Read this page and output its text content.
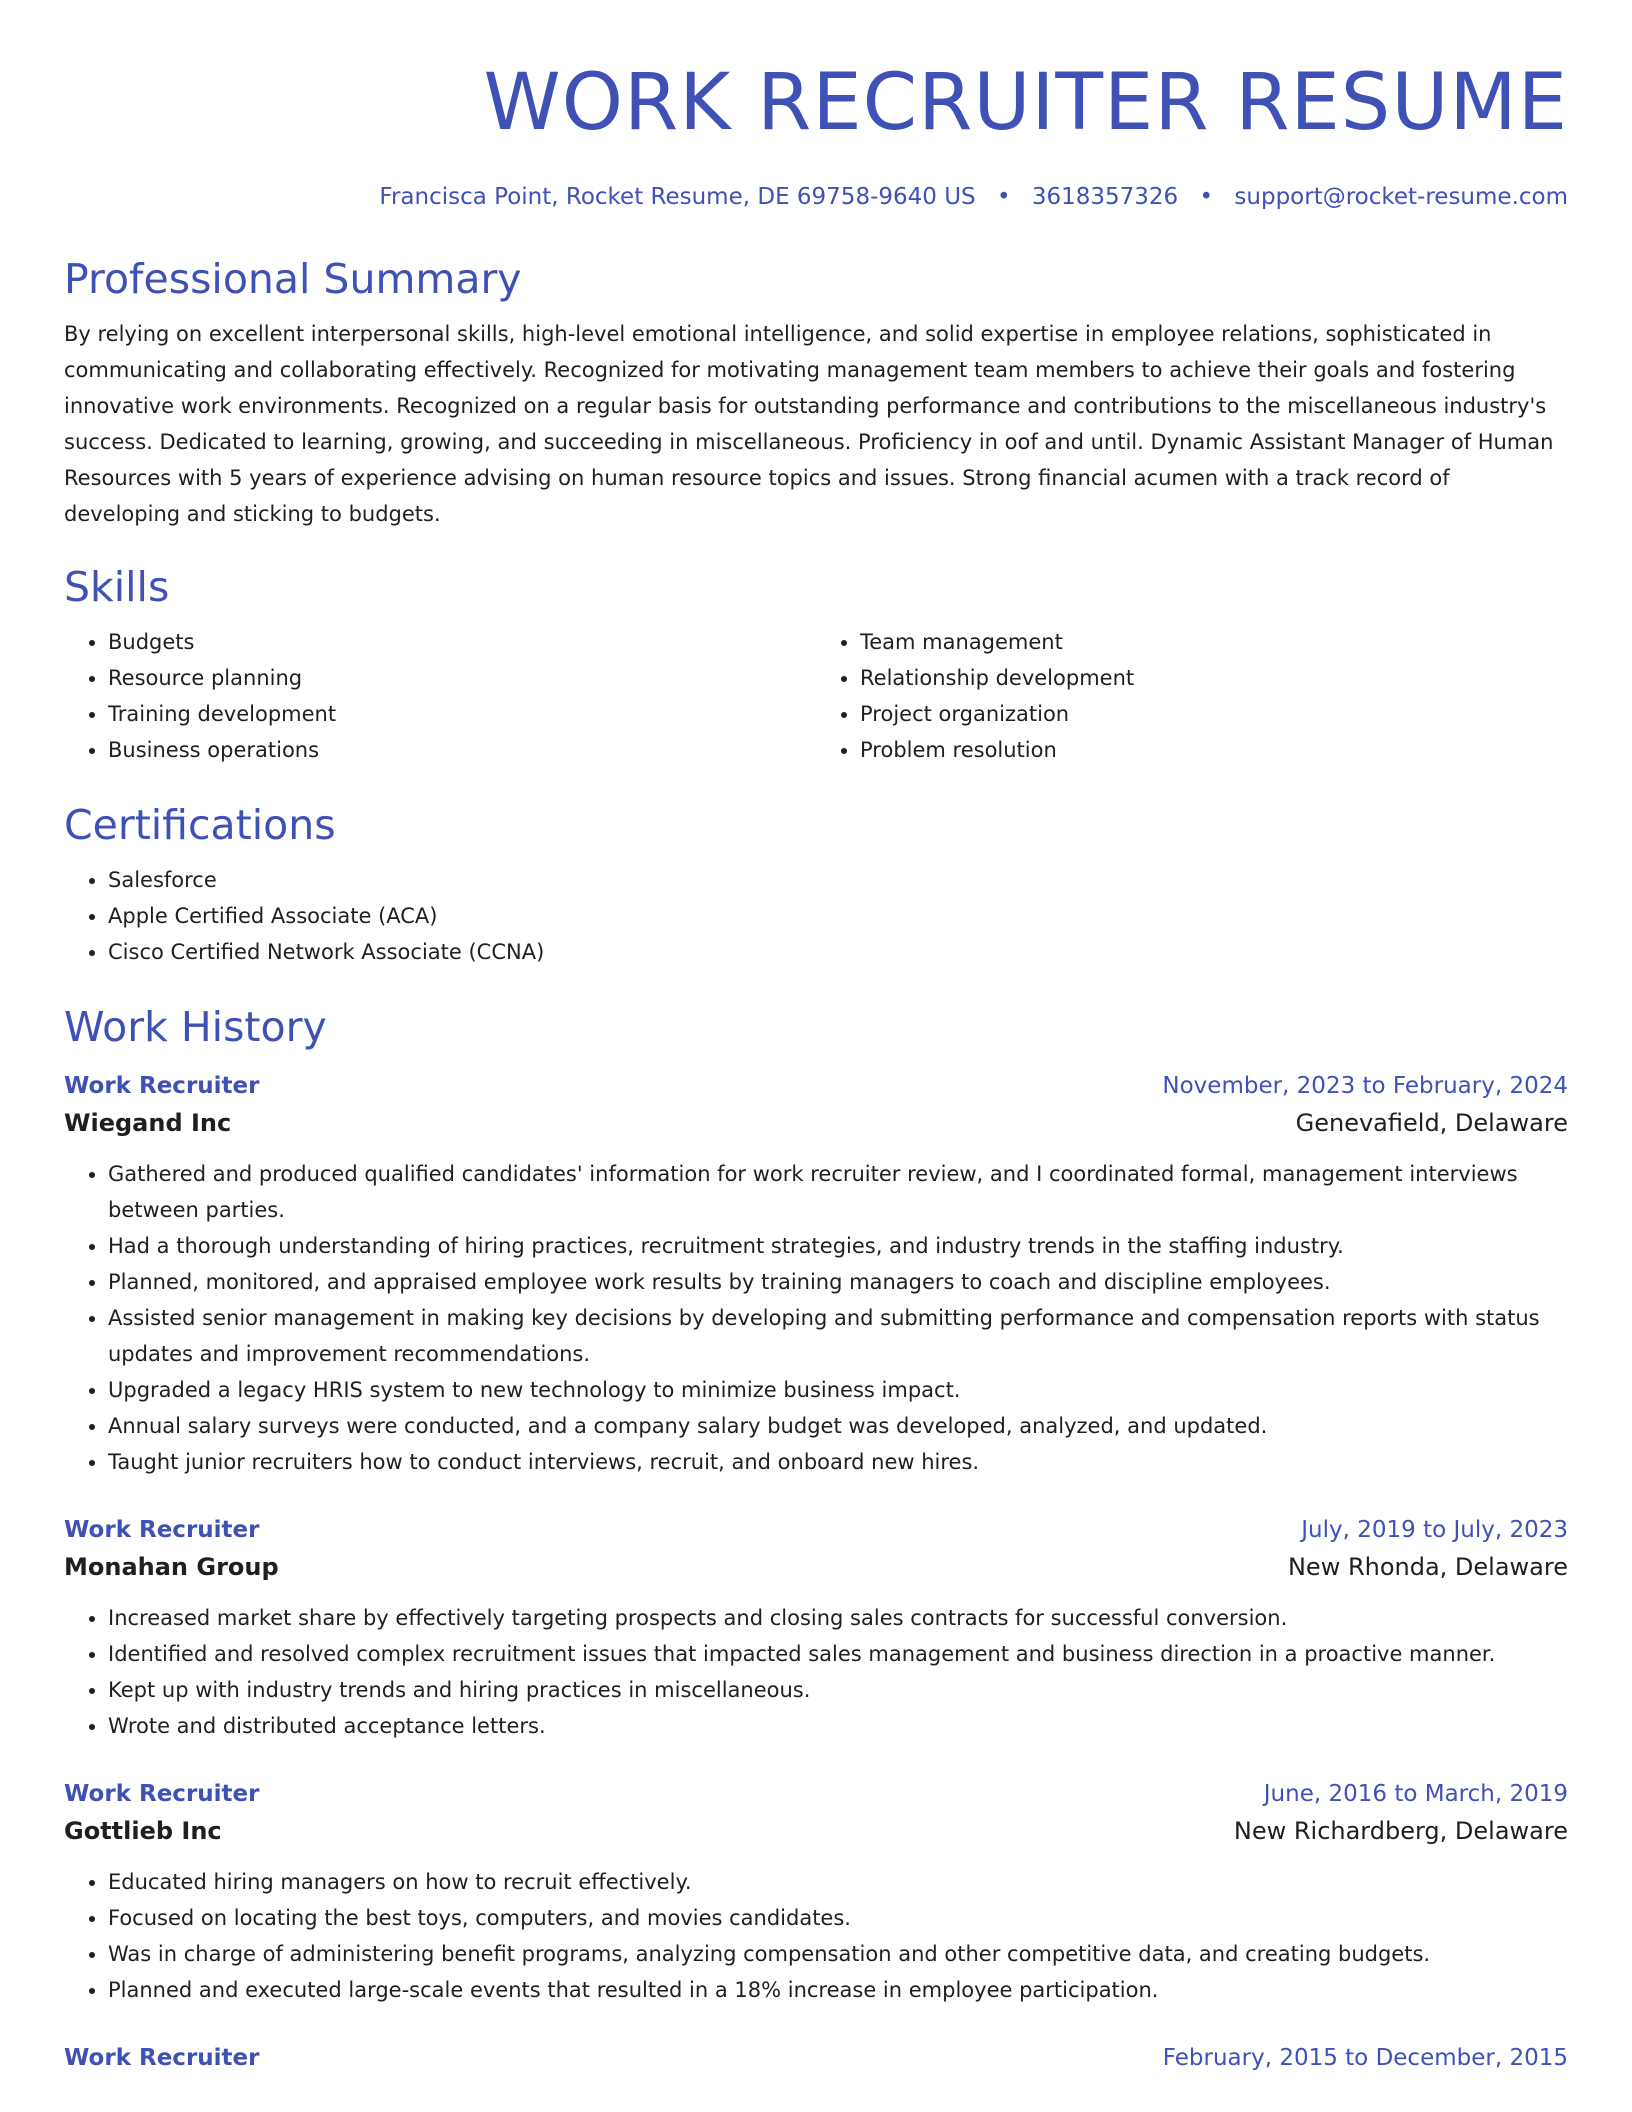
WORK RECRUITER RESUME
Francisca Point, Rocket Resume, DE 69758-9640 US • 3618357326 • support@rocket-resume.com
Professional Summary

By relying on excellent interpersonal skills, high-level emotional intelligence, and solid expertise in employee relations, sophisticated in communicating and collaborating effectively. Recognized for motivating management team members to achieve their goals and fostering innovative work environments. Recognized on a regular basis for outstanding performance and contributions to the miscellaneous industry's success. Dedicated to learning, growing, and succeeding in miscellaneous. Proficiency in oof and until. Dynamic Assistant Manager of Human Resources with 5 years of experience advising on human resource topics and issues. Strong financial acumen with a track record of developing and sticking to budgets.

Skills
• Budgets
• Resource planning
• Training development
• Business operations
• Team management
• Relationship development
• Project organization
• Problem resolution
Certifications
• Salesforce
• Apple Certified Associate (ACA)
• Cisco Certified Network Associate (CCNA)
Work History
Work Recruiter	November, 2023 to February, 2024
Wiegand Inc	Genevafield, Delaware
• Gathered and produced qualified candidates' information for work recruiter review, and I coordinated formal, management interviews between parties.
• Had a thorough understanding of hiring practices, recruitment strategies, and industry trends in the staffing industry.
• Planned, monitored, and appraised employee work results by training managers to coach and discipline employees.
• Assisted senior management in making key decisions by developing and submitting performance and compensation reports with status updates and improvement recommendations.
• Upgraded a legacy HRIS system to new technology to minimize business impact.
• Annual salary surveys were conducted, and a company salary budget was developed, analyzed, and updated.
• Taught junior recruiters how to conduct interviews, recruit, and onboard new hires.
Work Recruiter	July, 2019 to July, 2023
Monahan Group	New Rhonda, Delaware
• Increased market share by effectively targeting prospects and closing sales contracts for successful conversion.
• Identified and resolved complex recruitment issues that impacted sales management and business direction in a proactive manner.
• Kept up with industry trends and hiring practices in miscellaneous.
• Wrote and distributed acceptance letters.
Work Recruiter	June, 2016 to March, 2019
Gottlieb Inc	New Richardberg, Delaware
• Educated hiring managers on how to recruit effectively.
• Focused on locating the best toys, computers, and movies candidates.
• Was in charge of administering benefit programs, analyzing compensation and other competitive data, and creating budgets.
• Planned and executed large-scale events that resulted in a 18% increase in employee participation.
Work Recruiter	February, 2015 to December, 2015
